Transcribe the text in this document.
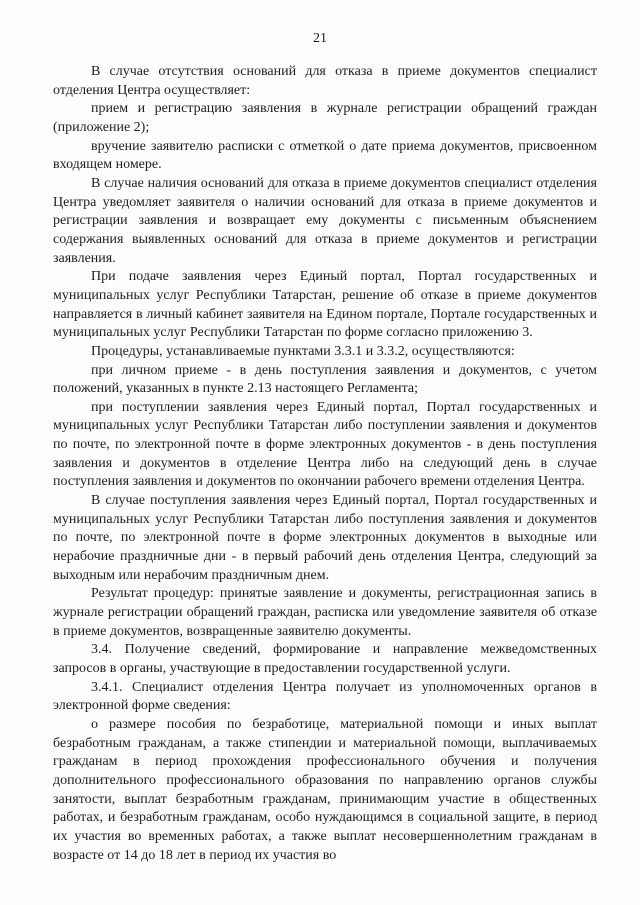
21

В случае отсутствия оснований для отказа в приеме документов специалист отделения Центра осуществляет:

прием и регистрацию заявления в журнале регистрации обращений граждан (приложение 2);

вручение заявителю расписки с отметкой о дате приема документов, присвоенном входящем номере.

В случае наличия оснований для отказа в приеме документов специалист отделения Центра уведомляет заявителя о наличии оснований для отказа в приеме документов и регистрации заявления и возвращает ему документы с письменным объяснением содержания выявленных оснований для отказа в приеме документов и регистрации заявления.

При подаче заявления через Единый портал, Портал государственных и муниципальных услуг Республики Татарстан, решение об отказе в приеме документов направляется в личный кабинет заявителя на Едином портале, Портале государственных и муниципальных услуг Республики Татарстан по форме согласно приложению 3.

Процедуры, устанавливаемые пунктами 3.3.1 и 3.3.2, осуществляются:

при личном приеме - в день поступления заявления и документов, с учетом положений, указанных в пункте 2.13 настоящего Регламента;

при поступлении заявления через Единый портал, Портал государственных и муниципальных услуг Республики Татарстан либо поступлении заявления и документов по почте, по электронной почте в форме электронных документов - в день поступления заявления и документов в отделение Центра либо на следующий день в случае поступления заявления и документов по окончании рабочего времени отделения Центра.

В случае поступления заявления через Единый портал, Портал государственных и муниципальных услуг Республики Татарстан либо поступления заявления и документов по почте, по электронной почте в форме электронных документов в выходные или нерабочие праздничные дни - в первый рабочий день отделения Центра, следующий за выходным или нерабочим праздничным днем.

Результат процедур: принятые заявление и документы, регистрационная запись в журнале регистрации обращений граждан, расписка или уведомление заявителя об отказе в приеме документов, возвращенные заявителю документы.

3.4. Получение сведений, формирование и направление межведомственных запросов в органы, участвующие в предоставлении государственной услуги.

3.4.1. Специалист отделения Центра получает из уполномоченных органов в электронной форме сведения:

о размере пособия по безработице, материальной помощи и иных выплат безработным гражданам, а также стипендии и материальной помощи, выплачиваемых гражданам в период прохождения профессионального обучения и получения дополнительного профессионального образования по направлению органов службы занятости, выплат безработным гражданам, принимающим участие в общественных работах, и безработным гражданам, особо нуждающимся в социальной защите, в период их участия во временных работах, а также выплат несовершеннолетним гражданам в возрасте от 14 до 18 лет в период их участия во
